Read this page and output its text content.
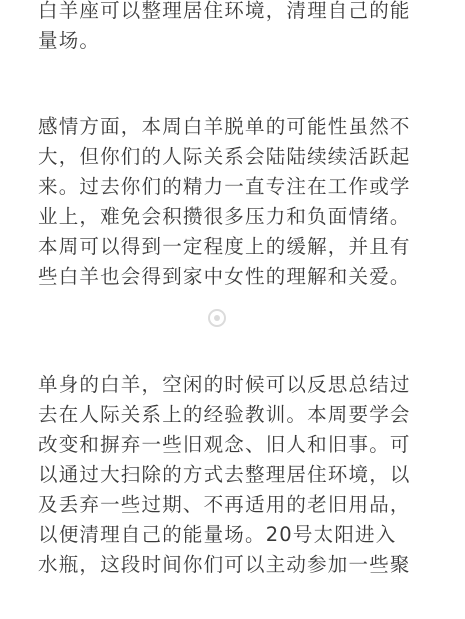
白羊座可以整理居住环境，清理自己的能
量场。
感情方面，本周白羊脱单的可能性虽然不
大，但你们的人际关系会陆陆续续活跃起
来。过去你们的精力一直专注在工作或学
业上，难免会积攒很多压力和负面情绪。
本周可以得到一定程度上的缓解，并且有
些白羊也会得到家中女性的理解和关爱。
单身的白羊，空闲的时候可以反思总结过
去在人际关系上的经验教训。本周要学会
改变和摒弃一些旧观念、旧人和旧事。可
以通过大扫除的方式去整理居住环境，以
及丢弃一些过期、不再适用的老旧用品，
以便清理自己的能量场。20号太阳进入
水瓶，这段时间你们可以主动参加一些聚
